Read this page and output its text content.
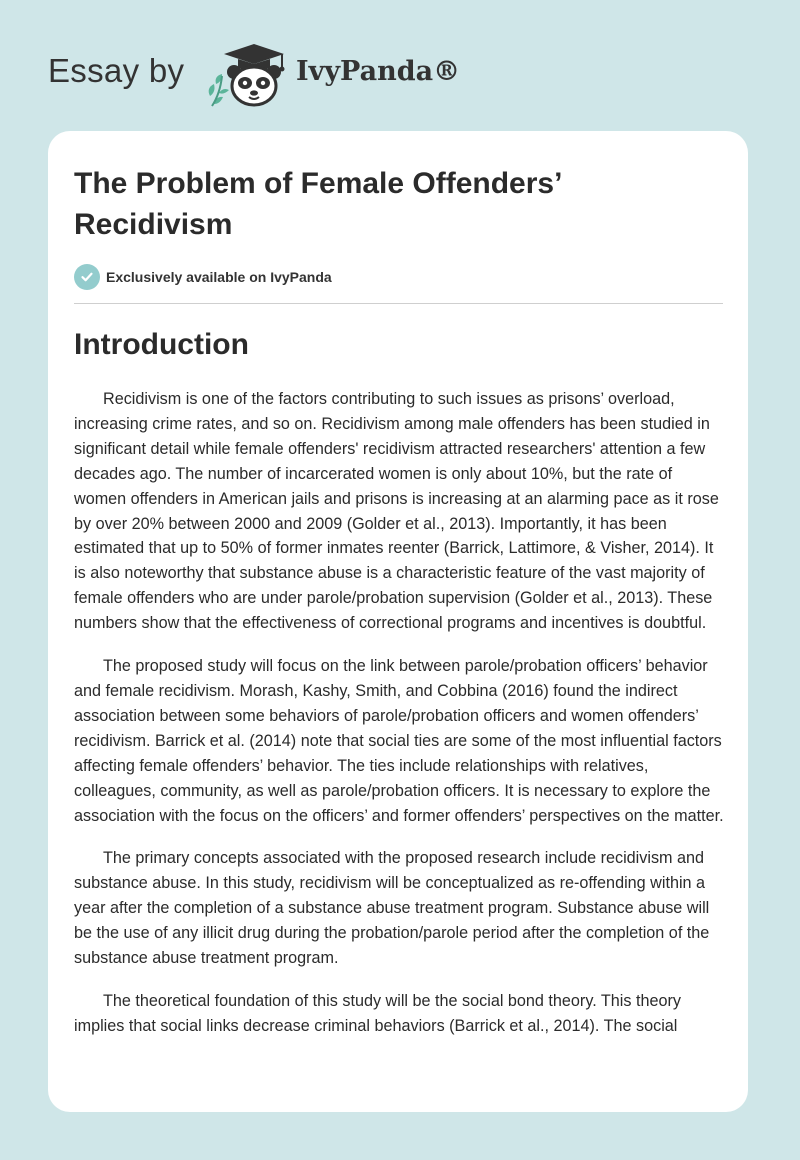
Essay by	IvyPanda®
The Problem of Female Offenders’ Recidivism
Exclusively available on IvyPanda
Introduction

Recidivism is one of the factors contributing to such issues as prisons’ overload, increasing crime rates, and so on. Recidivism among male offenders has been studied in significant detail while female offenders' recidivism attracted researchers' attention a few decades ago. The number of incarcerated women is only about 10%, but the rate of women offenders in American jails and prisons is increasing at an alarming pace as it rose by over 20% between 2000 and 2009 (Golder et al., 2013). Importantly, it has been estimated that up to 50% of former inmates reenter (Barrick, Lattimore, & Visher, 2014). It is also noteworthy that substance abuse is a characteristic feature of the vast majority of female offenders who are under parole/probation supervision (Golder et al., 2013). These numbers show that the effectiveness of correctional programs and incentives is doubtful.

The proposed study will focus on the link between parole/probation officers’ behavior and female recidivism. Morash, Kashy, Smith, and Cobbina (2016) found the indirect association between some behaviors of parole/probation officers and women offenders’ recidivism. Barrick et al. (2014) note that social ties are some of the most influential factors affecting female offenders’ behavior. The ties include relationships with relatives, colleagues, community, as well as parole/probation officers. It is necessary to explore the association with the focus on the officers’ and former offenders’ perspectives on the matter.

The primary concepts associated with the proposed research include recidivism and substance abuse. In this study, recidivism will be conceptualized as re-offending within a year after the completion of a substance abuse treatment program. Substance abuse will be the use of any illicit drug during the probation/parole period after the completion of the substance abuse treatment program.

The theoretical foundation of this study will be the social bond theory. This theory implies that social links decrease criminal behaviors (Barrick et al., 2014). The social
